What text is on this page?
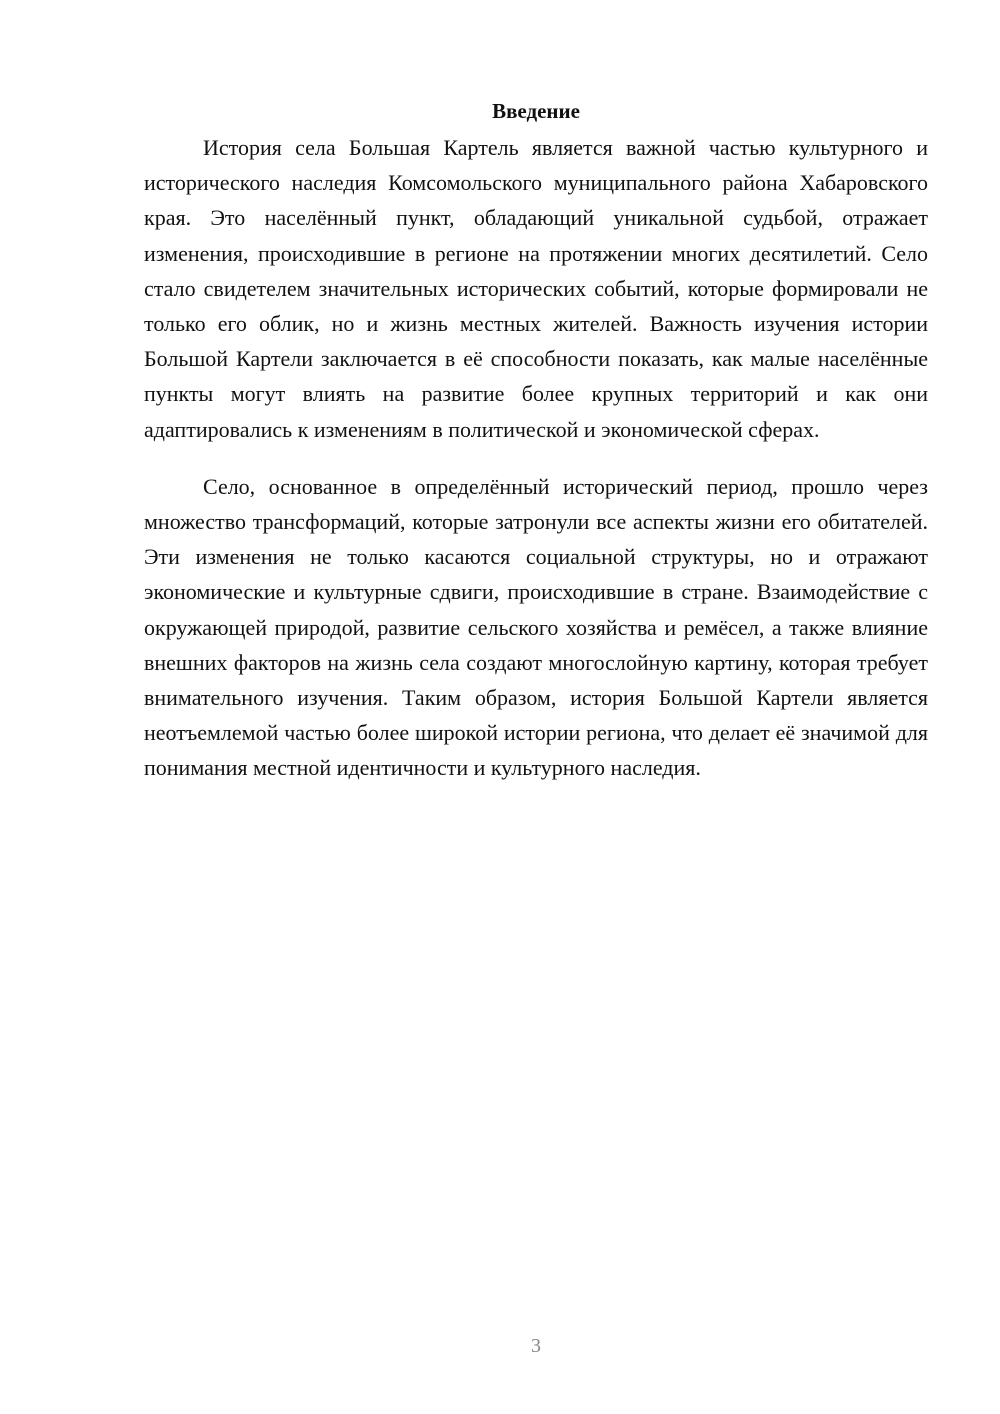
Введение

История села Большая Картель является важной частью культурного и исторического наследия Комсомольского муниципального района Хабаровского края. Это населённый пункт, обладающий уникальной судьбой, отражает изменения, происходившие в регионе на протяжении многих десятилетий. Село стало свидетелем значительных исторических событий, которые формировали не только его облик, но и жизнь местных жителей. Важность изучения истории Большой Картели заключается в её способности показать, как малые населённые пункты могут влиять на развитие более крупных территорий и как они адаптировались к изменениям в политической и экономической сферах.

Село, основанное в определённый исторический период, прошло через множество трансформаций, которые затронули все аспекты жизни его обитателей. Эти изменения не только касаются социальной структуры, но и отражают экономические и культурные сдвиги, происходившие в стране. Взаимодействие с окружающей природой, развитие сельского хозяйства и ремёсел, а также влияние внешних факторов на жизнь села создают многослойную картину, которая требует внимательного изучения. Таким образом, история Большой Картели является неотъемлемой частью более широкой истории региона, что делает её значимой для понимания местной идентичности и культурного наследия.

3
